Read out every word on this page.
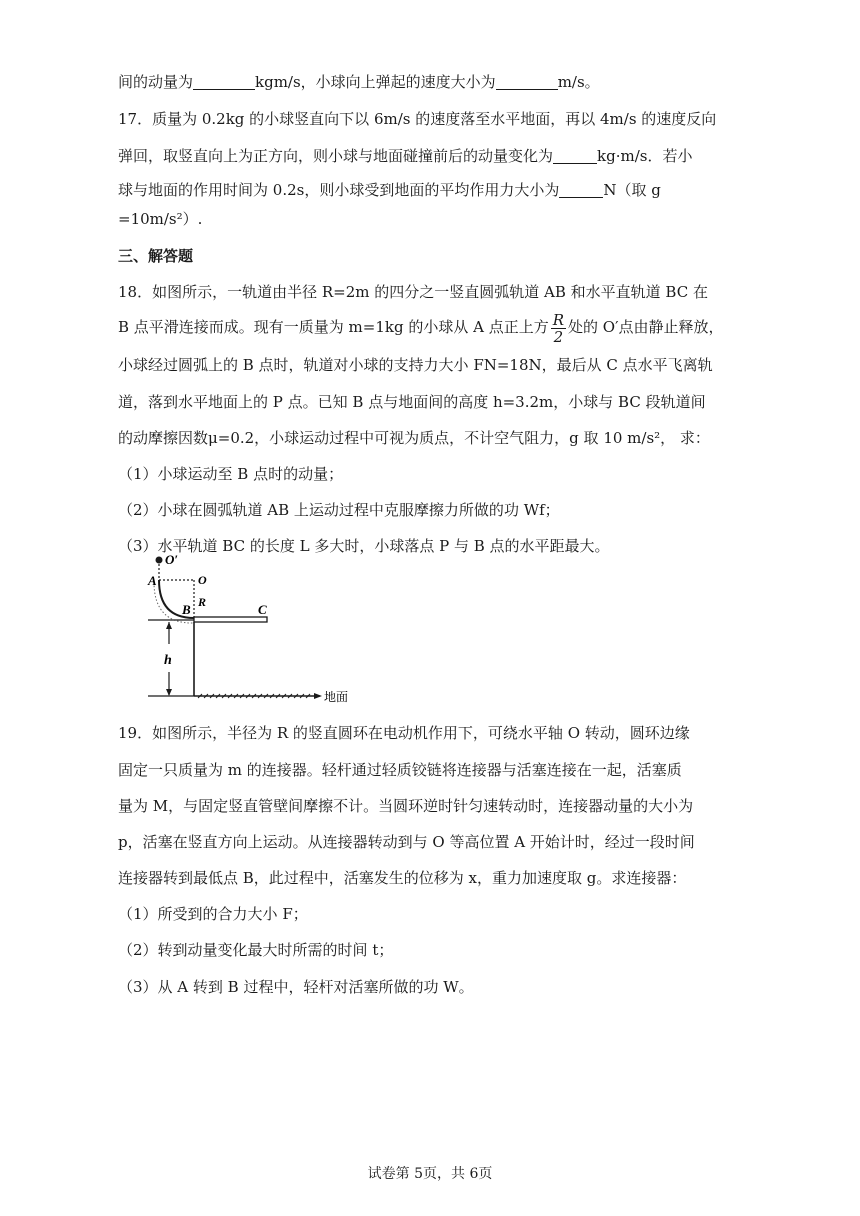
间的动量为	kgm/s，小球向上弹起的速度大小为	m/s。
17．质量为 0.2kg 的小球竖直向下以 6m/s 的速度落至水平地面，再以 4m/s 的速度反向
弹回，取竖直向上为正方向，则小球与地面碰撞前后的动量变化为	kg·m/s．若小
球与地面的作用时间为 0.2s，则小球受到地面的平均作用力大小为	N（取 g
=10m/s²）.
三、解答题
18．如图所示，一轨道由半径 R=2m 的四分之一竖直圆弧轨道 AB 和水平直轨道 BC 在
B 点平滑连接而成。现有一质量为 m=1kg 的小球从 A 点正上方 $\frac{R}{2}$ 处的 O′点由静止释放，
小球经过圆弧上的 B 点时，轨道对小球的支持力大小 FN=18N，最后从 C 点水平飞离轨
道，落到水平地面上的 P 点。已知 B 点与地面间的高度 h=3.2m，小球与 BC 段轨道间
的动摩擦因数μ=0.2，小球运动过程中可视为质点，不计空气阻力，g 取 10 m/s²， 求：
（1）小球运动至 B 点时的动量；
（2）小球在圆弧轨道 AB 上运动过程中克服摩擦力所做的功 Wf；
（3）水平轨道 BC 的长度 L 多大时，小球落点 P 与 B 点的水平距最大。
O′
A	O
R
B	C
h
地面
19．如图所示，半径为 R 的竖直圆环在电动机作用下，可绕水平轴 O 转动，圆环边缘
固定一只质量为 m 的连接器。轻杆通过轻质铰链将连接器与活塞连接在一起，活塞质
量为 M，与固定竖直管壁间摩擦不计。当圆环逆时针匀速转动时，连接器动量的大小为
p，活塞在竖直方向上运动。从连接器转动到与 O 等高位置 A 开始计时，经过一段时间
连接器转到最低点 B，此过程中，活塞发生的位移为 x，重力加速度取 g。求连接器：
（1）所受到的合力大小 F；
（2）转到动量变化最大时所需的时间 t；
（3）从 A 转到 B 过程中，轻杆对活塞所做的功 W。
试卷第 5页，共 6页
